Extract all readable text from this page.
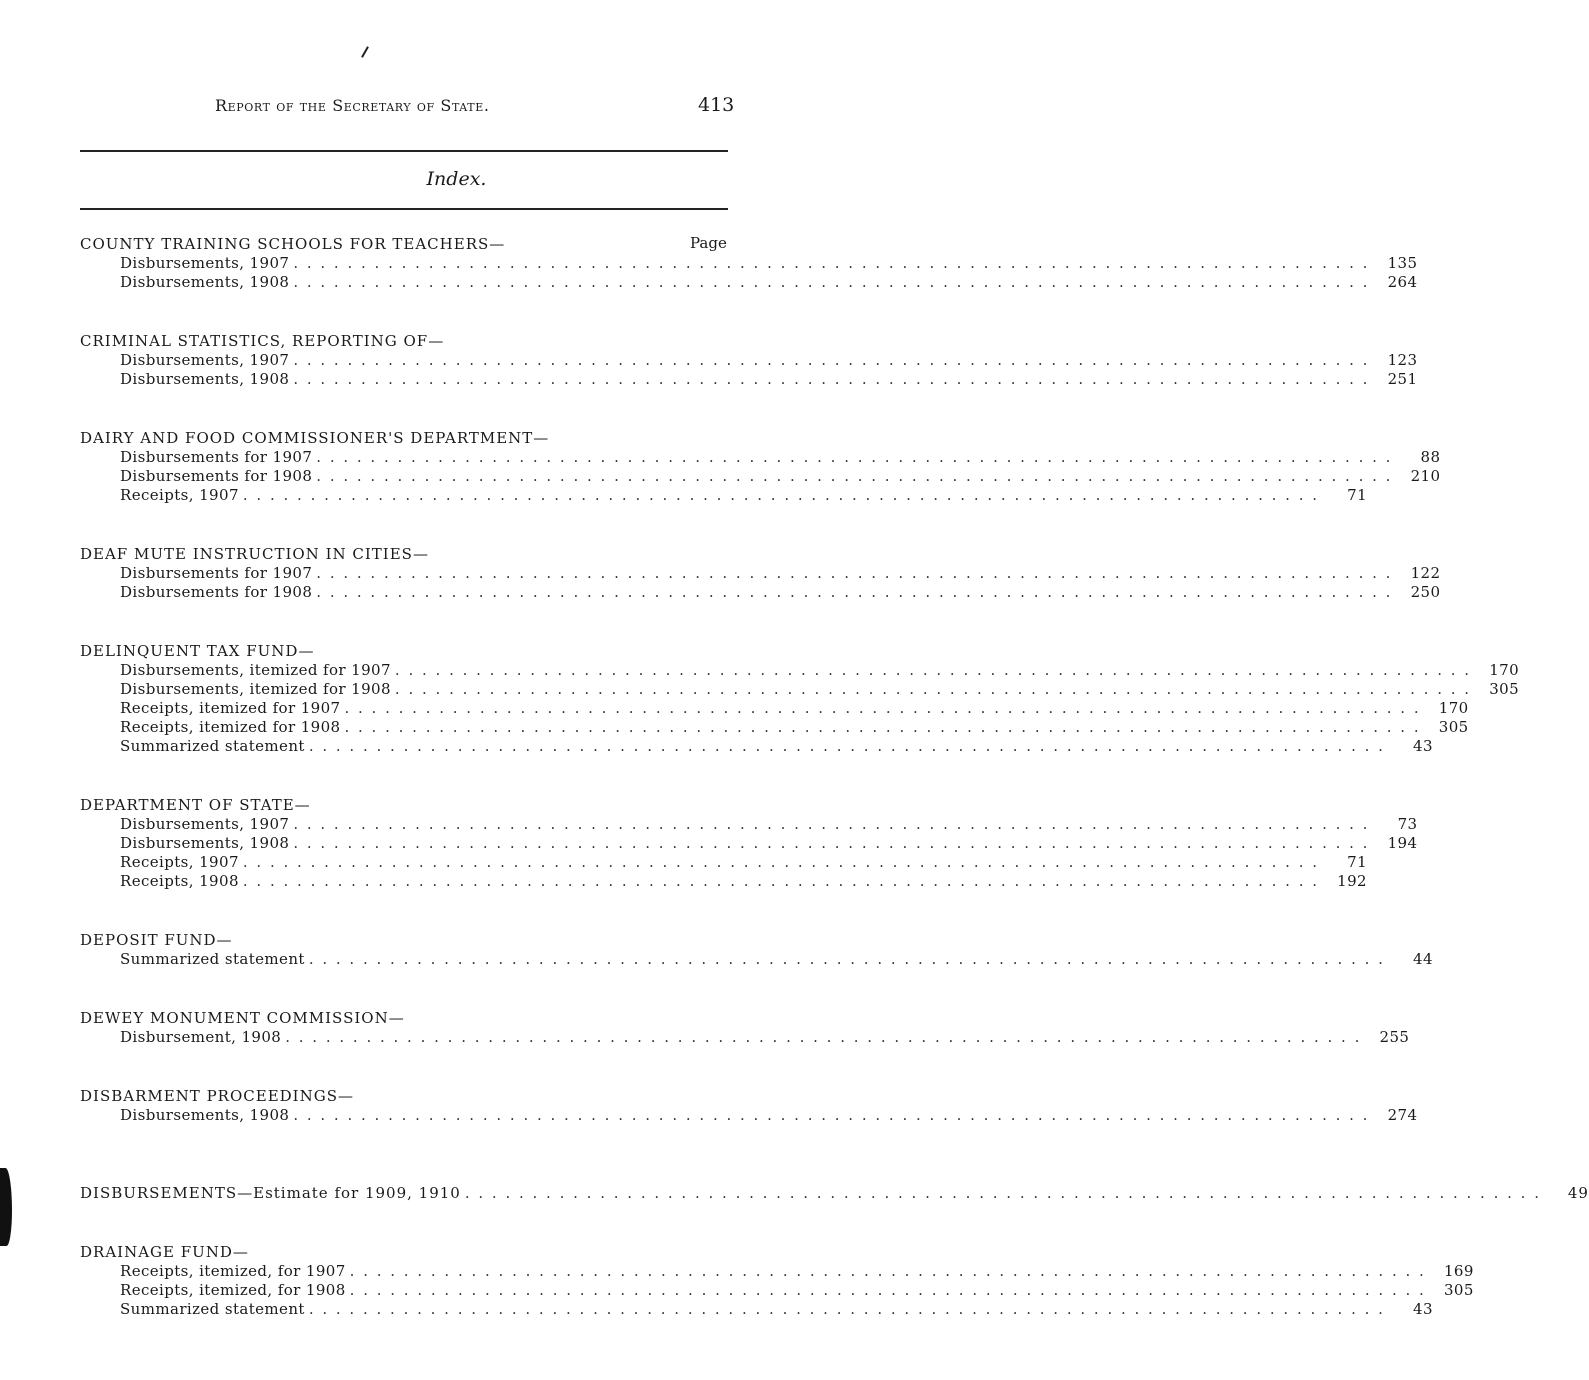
Report of the Secretary of State.	413
Index.
Page
COUNTY TRAINING SCHOOLS FOR TEACHERS—
Disbursements, 1907 . . . . . . . . . . . . . . . . . . . . . . . . . . . . . . . . . . . . . . . . . . . . . . . . . . . . . . . . . . . . . . . . . . . . . . . . . . . . . . . .	135
Disbursements, 1908 . . . . . . . . . . . . . . . . . . . . . . . . . . . . . . . . . . . . . . . . . . . . . . . . . . . . . . . . . . . . . . . . . . . . . . . . . . . . . . . .	264
CRIMINAL STATISTICS, REPORTING OF—
Disbursements, 1907 . . . . . . . . . . . . . . . . . . . . . . . . . . . . . . . . . . . . . . . . . . . . . . . . . . . . . . . . . . . . . . . . . . . . . . . . . . . . . . . .	123
Disbursements, 1908 . . . . . . . . . . . . . . . . . . . . . . . . . . . . . . . . . . . . . . . . . . . . . . . . . . . . . . . . . . . . . . . . . . . . . . . . . . . . . . . .	251
DAIRY AND FOOD COMMISSIONER'S DEPARTMENT—
Disbursements for 1907 . . . . . . . . . . . . . . . . . . . . . . . . . . . . . . . . . . . . . . . . . . . . . . . . . . . . . . . . . . . . . . . . . . . . . . . . . . . . . . . .	88
Disbursements for 1908 . . . . . . . . . . . . . . . . . . . . . . . . . . . . . . . . . . . . . . . . . . . . . . . . . . . . . . . . . . . . . . . . . . . . . . . . . . . . . . . .	210
Receipts, 1907 . . . . . . . . . . . . . . . . . . . . . . . . . . . . . . . . . . . . . . . . . . . . . . . . . . . . . . . . . . . . . . . . . . . . . . . . . . . . . . . .	71
DEAF MUTE INSTRUCTION IN CITIES—
Disbursements for 1907 . . . . . . . . . . . . . . . . . . . . . . . . . . . . . . . . . . . . . . . . . . . . . . . . . . . . . . . . . . . . . . . . . . . . . . . . . . . . . . . .	122
Disbursements for 1908 . . . . . . . . . . . . . . . . . . . . . . . . . . . . . . . . . . . . . . . . . . . . . . . . . . . . . . . . . . . . . . . . . . . . . . . . . . . . . . . .	250
DELINQUENT TAX FUND—
Disbursements, itemized for 1907 . . . . . . . . . . . . . . . . . . . . . . . . . . . . . . . . . . . . . . . . . . . . . . . . . . . . . . . . . . . . . . . . . . . . . . . . . . . . . . . .	170
Disbursements, itemized for 1908 . . . . . . . . . . . . . . . . . . . . . . . . . . . . . . . . . . . . . . . . . . . . . . . . . . . . . . . . . . . . . . . . . . . . . . . . . . . . . . . .	305
Receipts, itemized for 1907 . . . . . . . . . . . . . . . . . . . . . . . . . . . . . . . . . . . . . . . . . . . . . . . . . . . . . . . . . . . . . . . . . . . . . . . . . . . . . . . .	170
Receipts, itemized for 1908 . . . . . . . . . . . . . . . . . . . . . . . . . . . . . . . . . . . . . . . . . . . . . . . . . . . . . . . . . . . . . . . . . . . . . . . . . . . . . . . .	305
Summarized statement . . . . . . . . . . . . . . . . . . . . . . . . . . . . . . . . . . . . . . . . . . . . . . . . . . . . . . . . . . . . . . . . . . . . . . . . . . . . . . . .	43
DEPARTMENT OF STATE—
Disbursements, 1907 . . . . . . . . . . . . . . . . . . . . . . . . . . . . . . . . . . . . . . . . . . . . . . . . . . . . . . . . . . . . . . . . . . . . . . . . . . . . . . . .	73
Disbursements, 1908 . . . . . . . . . . . . . . . . . . . . . . . . . . . . . . . . . . . . . . . . . . . . . . . . . . . . . . . . . . . . . . . . . . . . . . . . . . . . . . . .	194
Receipts, 1907 . . . . . . . . . . . . . . . . . . . . . . . . . . . . . . . . . . . . . . . . . . . . . . . . . . . . . . . . . . . . . . . . . . . . . . . . . . . . . . . .	71
Receipts, 1908 . . . . . . . . . . . . . . . . . . . . . . . . . . . . . . . . . . . . . . . . . . . . . . . . . . . . . . . . . . . . . . . . . . . . . . . . . . . . . . . .	192
DEPOSIT FUND—
Summarized statement . . . . . . . . . . . . . . . . . . . . . . . . . . . . . . . . . . . . . . . . . . . . . . . . . . . . . . . . . . . . . . . . . . . . . . . . . . . . . . . .	44
DEWEY MONUMENT COMMISSION—
Disbursement, 1908 . . . . . . . . . . . . . . . . . . . . . . . . . . . . . . . . . . . . . . . . . . . . . . . . . . . . . . . . . . . . . . . . . . . . . . . . . . . . . . . .	255
DISBARMENT PROCEEDINGS—
Disbursements, 1908 . . . . . . . . . . . . . . . . . . . . . . . . . . . . . . . . . . . . . . . . . . . . . . . . . . . . . . . . . . . . . . . . . . . . . . . . . . . . . . . .	274
DISBURSEMENTS—Estimate for 1909, 1910 . . . . . . . . . . . . . . . . . . . . . . . . . . . . . . . . . . . . . . . . . . . . . . . . . . . . . . . . . . . . . . . . . . . . . . . . . . . . . . . .	49
DRAINAGE FUND—
Receipts, itemized, for 1907 . . . . . . . . . . . . . . . . . . . . . . . . . . . . . . . . . . . . . . . . . . . . . . . . . . . . . . . . . . . . . . . . . . . . . . . . . . . . . . . .	169
Receipts, itemized, for 1908 . . . . . . . . . . . . . . . . . . . . . . . . . . . . . . . . . . . . . . . . . . . . . . . . . . . . . . . . . . . . . . . . . . . . . . . . . . . . . . . .	305
Summarized statement . . . . . . . . . . . . . . . . . . . . . . . . . . . . . . . . . . . . . . . . . . . . . . . . . . . . . . . . . . . . . . . . . . . . . . . . . . . . . . . .	43
